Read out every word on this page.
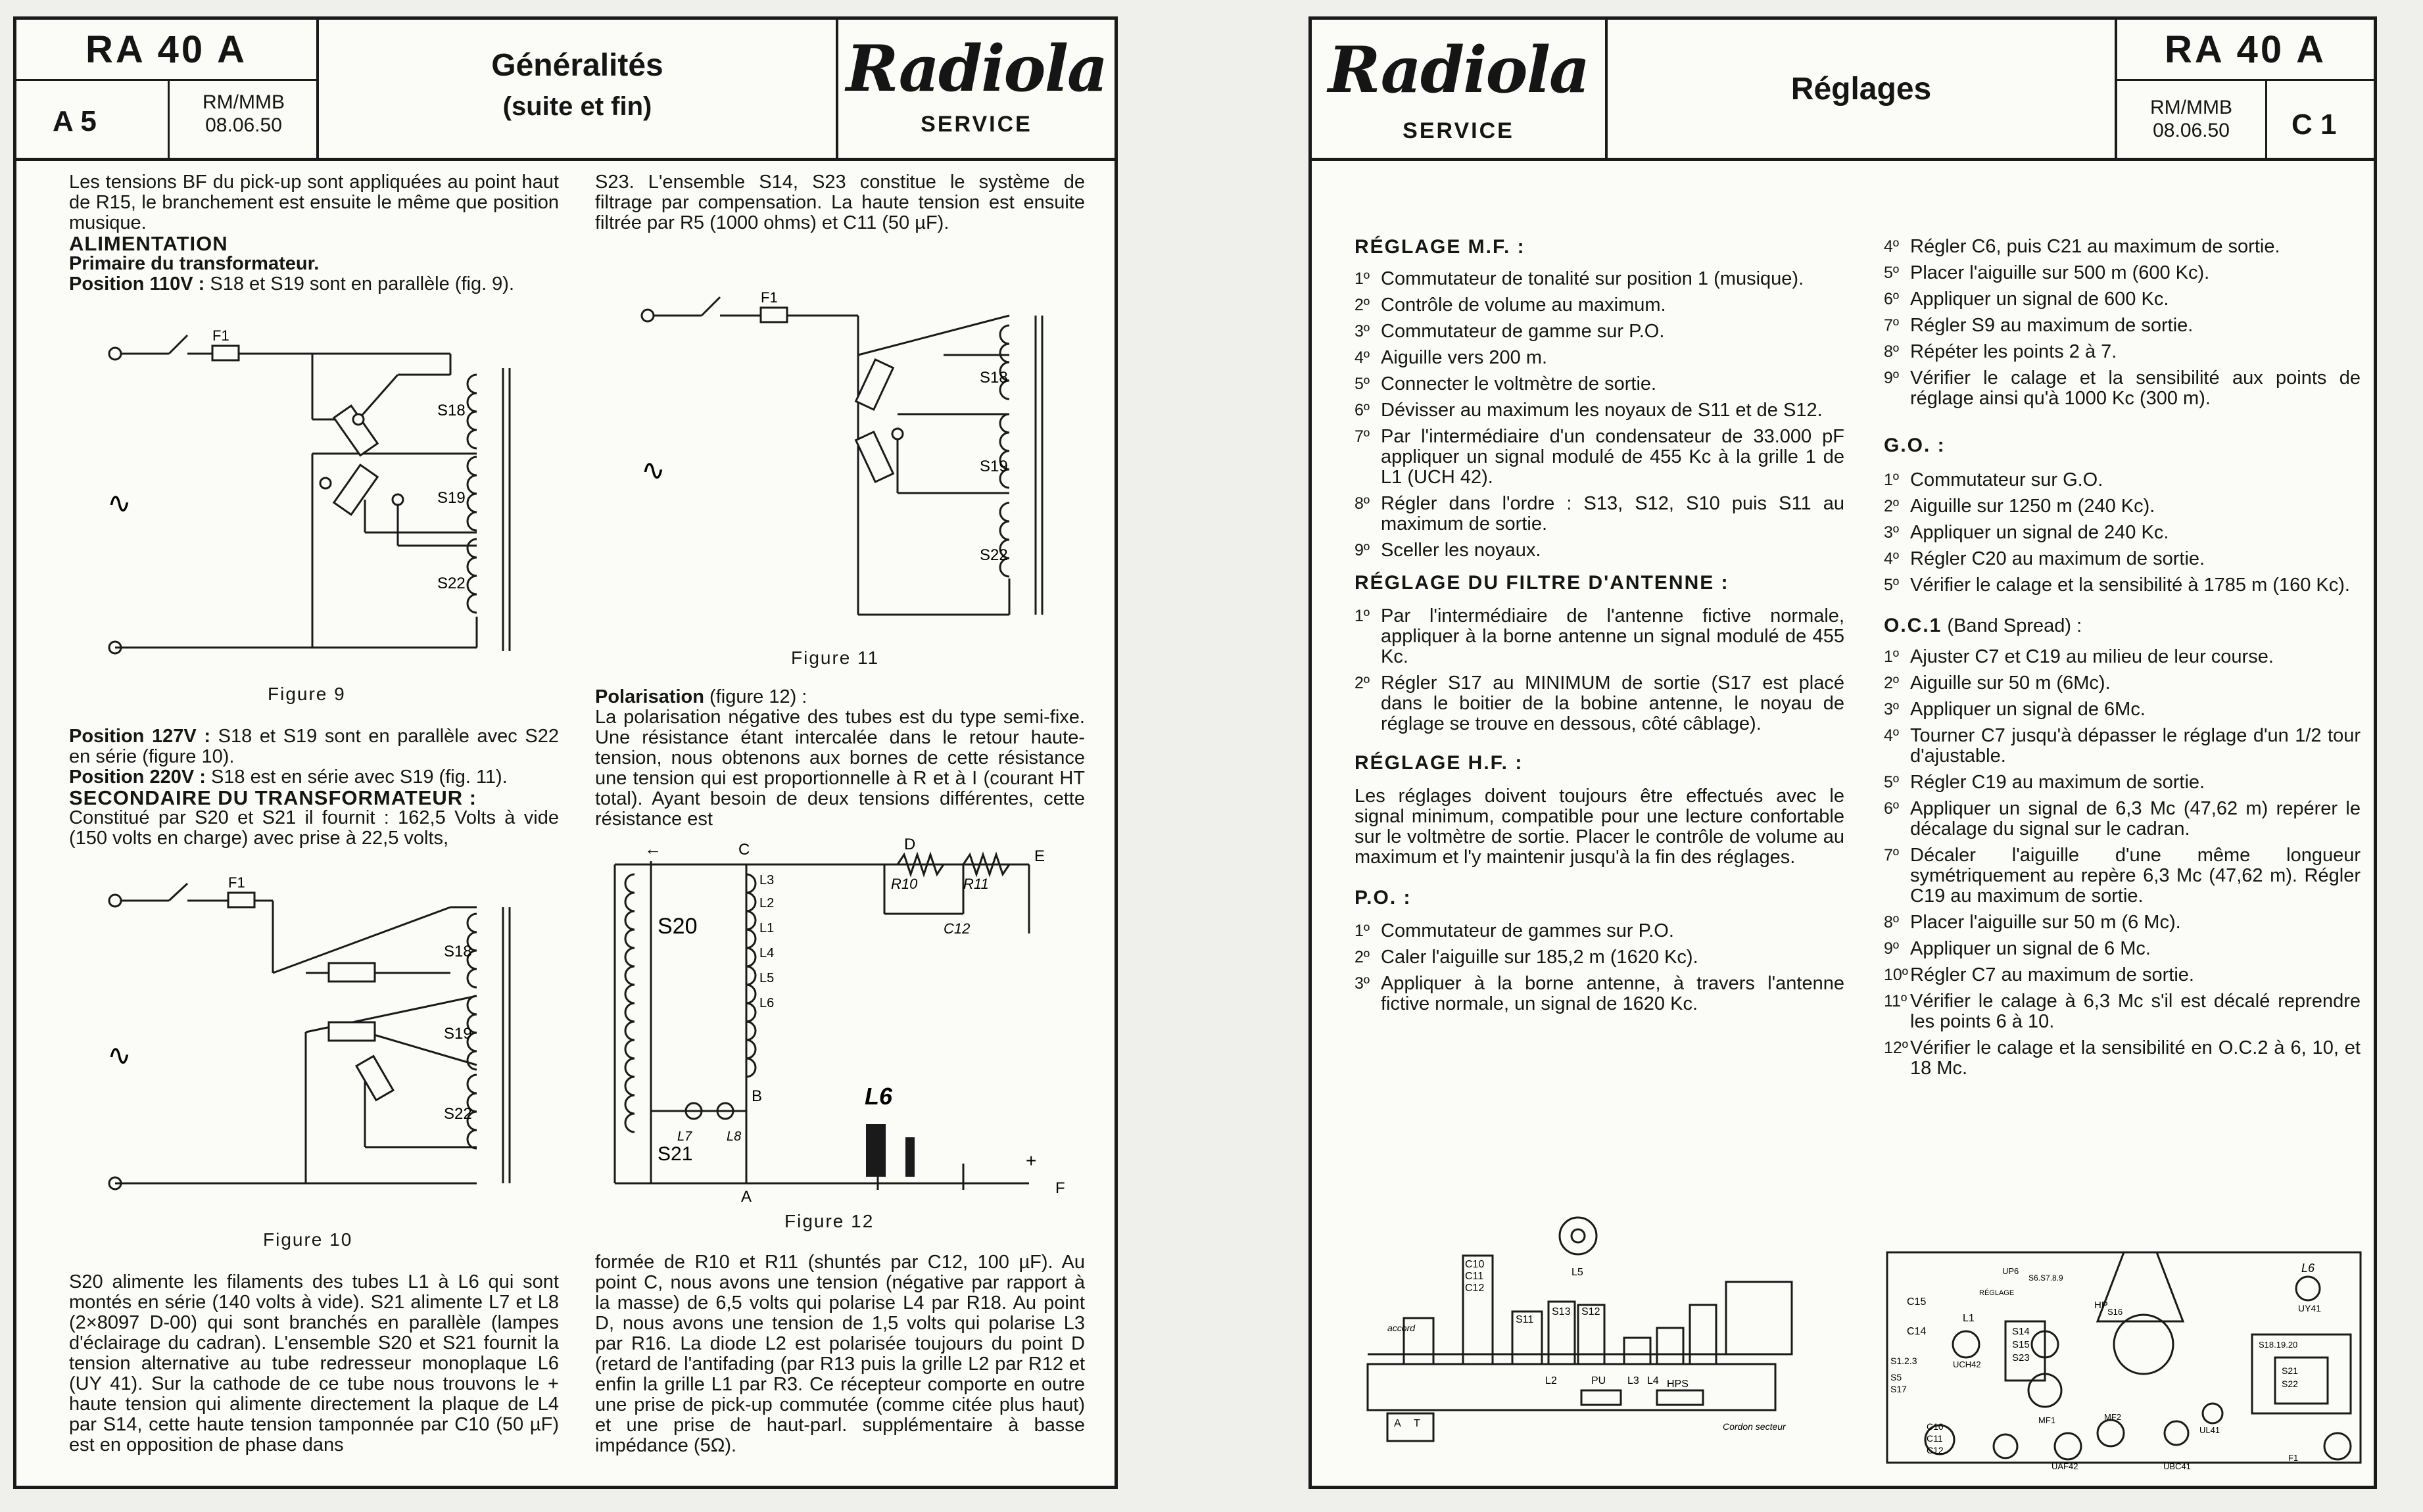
RA 40 A
A 5
RM/MMB
08.06.50
Généralités
(suite et fin)
Radiola
SERVICE

Les tensions BF du pick-up sont appliquées au point haut de R15, le branchement est ensuite le même que position musique.

ALIMENTATION

Primaire du transformateur.

Position 110V : S18 et S19 sont en parallèle (fig. 9).

F1
S18
S19
S22
∿
Figure 9

Position 127V : S18 et S19 sont en parallèle avec S22 en série (figure 10).

Position 220V : S18 est en série avec S19 (fig. 11).

SECONDAIRE DU TRANSFORMATEUR :

Constitué par S20 et S21 il fournit : 162,5 Volts à vide (150 volts en charge) avec prise à 22,5 volts,

F1
S18
S19
S22
∿
Figure 10
S20 alimente les filaments des tubes L1 à L6 qui sont montés en série (140 volts à vide). S21 alimente L7 et L8 (2×8097 D-00) qui sont branchés en parallèle (lampes d'éclairage du cadran). L'ensemble S20 et S21 fournit la tension alternative au tube redresseur monoplaque L6 (UY 41). Sur la cathode de ce tube nous trouvons le + haute tension qui alimente directement la plaque de L4 par S14, cette haute tension tamponnée par C10 (50 µF) est en opposition de phase dans
S23. L'ensemble S14, S23 constitue le système de filtrage par compensation. La haute tension est ensuite filtrée par R5 (1000 ohms) et C11 (50 µF).
F1
S18
S19
S22
∿
Figure 11

Polarisation (figure 12) :

La polarisation négative des tubes est du type semi-fixe. Une résistance étant intercalée dans le retour haute-tension, nous obtenons aux bornes de cette résistance une tension qui est proportionnelle à R et à I (courant HT total). Ayant besoin de deux tensions différentes, cette résistance est

←	C	D
E
B
A	F
+
S20
S21
R10	R11
C12
L3
L2
L1
L4
L5
L6
L7	L8
L6
Figure 12
formée de R10 et R11 (shuntés par C12, 100 µF). Au point C, nous avons une tension (négative par rapport à la masse) de 6,5 volts qui polarise L4 par R18. Au point D, nous avons une tension de 1,5 volts qui polarise L3 par R16. La diode L2 est polarisée toujours du point D (retard de l'antifading (par R13 puis la grille L2 par R12 et enfin la grille L1 par R3. Ce récepteur comporte en outre une prise de pick-up commutée (comme citée plus haut) et une prise de haut-parl. supplémentaire à basse impédance (5Ω).
Radiola
SERVICE
Réglages
RA 40 A
RM/MMB
08.06.50	C 1

RÉGLAGE M.F. :

1º Commutateur de tonalité sur position 1 (musique).
2º Contrôle de volume au maximum.
3º Commutateur de gamme sur P.O.
4º Aiguille vers 200 m.
5º Connecter le voltmètre de sortie.
6º Dévisser au maximum les noyaux de S11 et de S12.
7º Par l'intermédiaire d'un condensateur de 33.000 pF appliquer un signal modulé de 455 Kc à la grille 1 de L1 (UCH 42).
8º Régler dans l'ordre : S13, S12, S10 puis S11 au maximum de sortie.
9º Sceller les noyaux.

RÉGLAGE DU FILTRE D'ANTENNE :

1º Par l'intermédiaire de l'antenne fictive normale, appliquer à la borne antenne un signal modulé de 455 Kc.
2º Régler S17 au MINIMUM de sortie (S17 est placé dans le boitier de la bobine antenne, le noyau de réglage se trouve en dessous, côté câblage).

RÉGLAGE H.F. :

Les réglages doivent toujours être effectués avec le signal minimum, compatible pour une lecture confortable sur le voltmètre de sortie. Placer le contrôle de volume au maximum et l'y maintenir jusqu'à la fin des réglages.

P.O. :

1º Commutateur de gammes sur P.O.
2º Caler l'aiguille sur 185,2 m (1620 Kc).
3º Appliquer à la borne antenne, à travers l'antenne fictive normale, un signal de 1620 Kc.
4º Régler C6, puis C21 au maximum de sortie.
5º Placer l'aiguille sur 500 m (600 Kc).
6º Appliquer un signal de 600 Kc.
7º Régler S9 au maximum de sortie.
8º Répéter les points 2 à 7.
9º Vérifier le calage et la sensibilité aux points de réglage ainsi qu'à 1000 Kc (300 m).

G.O. :

1º Commutateur sur G.O.
2º Aiguille sur 1250 m (240 Kc).
3º Appliquer un signal de 240 Kc.
4º Régler C20 au maximum de sortie.
5º Vérifier le calage et la sensibilité à 1785 m (160 Kc).

O.C.1 (Band Spread) :

1º Ajuster C7 et C19 au milieu de leur course.
2º Aiguille sur 50 m (6Mc).
3º Appliquer un signal de 6Mc.
4º Tourner C7 jusqu'à dépasser le réglage d'un 1/2 tour d'ajustable.
5º Régler C19 au maximum de sortie.
6º Appliquer un signal de 6,3 Mc (47,62 m) repérer le décalage du signal sur le cadran.
7º Décaler l'aiguille d'une même longueur symétriquement au repère 6,3 Mc (47,62 m). Régler C19 au maximum de sortie.
8º Placer l'aiguille sur 50 m (6 Mc).
9º Appliquer un signal de 6 Mc.
10º Régler C7 au maximum de sortie.
11º Vérifier le calage à 6,3 Mc s'il est décalé reprendre les points 6 à 10.
12º Vérifier le calage et la sensibilité en O.C.2 à 6, 10, et 18 Mc.
L5
C10
C11
C12
S11
S13 S12
L2	PU L3 L4 HPS
A T
accord
Cordon secteur
L6
UY41
L1
UCH42
C15
C14
S1.2.3
S5
S17
S14
S15
S23
UP6
S6.S7.8.9
RÉGLAGE
HP
S16
MF1	MF2
UAF42	UBC41
UL41
C10
C11
C12
S18.19.20
S21
S22
F1
